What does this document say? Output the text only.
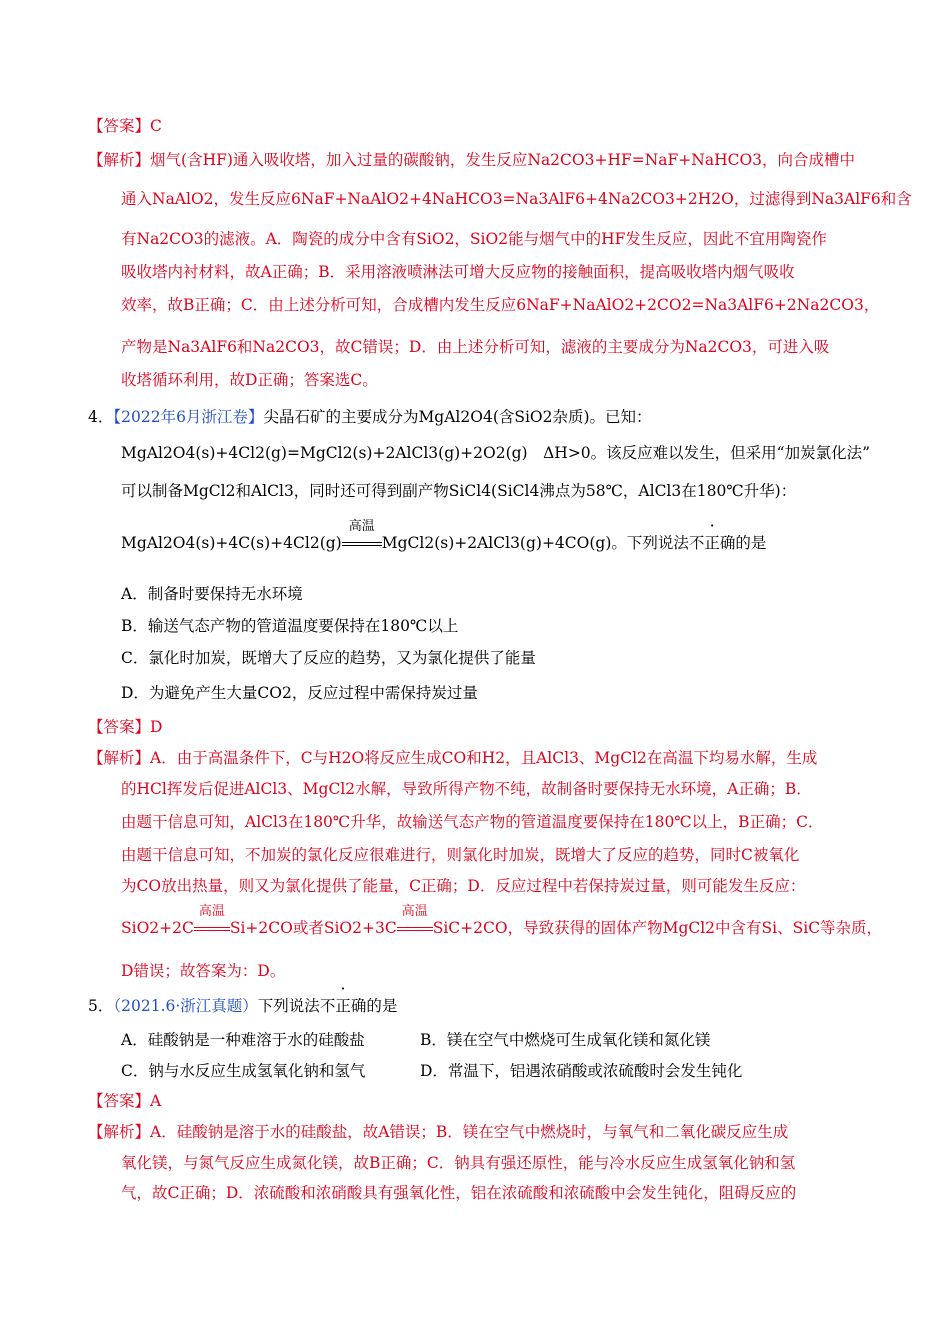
【答案】C
【解析】烟气(含HF)通入吸收塔，加入过量的碳酸钠，发生反应Na2CO3+HF=NaF+NaHCO3，向合成槽中
通入NaAlO2，发生反应6NaF+NaAlO2+4NaHCO3=Na3AlF6+4Na2CO3+2H2O，过滤得到Na3AlF6和含
有Na2CO3的滤液。A．陶瓷的成分中含有SiO2，SiO2能与烟气中的HF发生反应，因此不宜用陶瓷作
吸收塔内衬材料，故A正确；B．采用溶液喷淋法可增大反应物的接触面积，提高吸收塔内烟气吸收
效率，故B正确；C．由上述分析可知，合成槽内发生反应6NaF+NaAlO2+2CO2=Na3AlF6+2Na2CO3，
产物是Na3AlF6和Na2CO3，故C错误；D．由上述分析可知，滤液的主要成分为Na2CO3，可进入吸
收塔循环利用，故D正确；答案选C。
4．【2022年6月浙江卷】尖晶石矿的主要成分为MgAl2O4(含SiO2杂质)。已知：
MgAl2O4(s)+4Cl2(g)=MgCl2(s)+2AlCl3(g)+2O2(g)　ΔH>0。该反应难以发生，但采用“加炭氯化法”
可以制备MgCl2和AlCl3，同时还可得到副产物SiCl4(SiCl4沸点为58℃，AlCl3在180℃升华)：
MgAl2O4(s)+4C(s)+4Cl2(g)
高温
MgCl2(s)+2AlCl3(g)+4CO(g)。下列说法不正确的是
A．制备时要保持无水环境
B．输送气态产物的管道温度要保持在180℃以上
C．氯化时加炭，既增大了反应的趋势，又为氯化提供了能量
D．为避免产生大量CO2，反应过程中需保持炭过量
【答案】D
【解析】A．由于高温条件下，C与H2O将反应生成CO和H2，且AlCl3、MgCl2在高温下均易水解，生成
的HCl挥发后促进AlCl3、MgCl2水解，导致所得产物不纯，故制备时要保持无水环境，A正确；B．
由题干信息可知，AlCl3在180℃升华，故输送气态产物的管道温度要保持在180℃以上，B正确；C．
由题干信息可知，不加炭的氯化反应很难进行，则氯化时加炭，既增大了反应的趋势，同时C被氧化
为CO放出热量，则又为氯化提供了能量，C正确；D．反应过程中若保持炭过量，则可能发生反应：
SiO2+2C
高温
Si+2CO或者SiO2+3C
高温
SiC+2CO，导致获得的固体产物MgCl2中含有Si、SiC等杂质，
D错误；故答案为：D。
5．（2021.6·浙江真题）下列说法不正确的是
A．硅酸钠是一种难溶于水的硅酸盐	B．镁在空气中燃烧可生成氧化镁和氮化镁
C．钠与水反应生成氢氧化钠和氢气	D．常温下，铝遇浓硝酸或浓硫酸时会发生钝化
【答案】A
【解析】A．硅酸钠是溶于水的硅酸盐，故A错误；B．镁在空气中燃烧时，与氧气和二氧化碳反应生成
氧化镁，与氮气反应生成氮化镁，故B正确；C．钠具有强还原性，能与冷水反应生成氢氧化钠和氢
气，故C正确；D．浓硫酸和浓硝酸具有强氧化性，铝在浓硫酸和浓硫酸中会发生钝化，阻碍反应的
